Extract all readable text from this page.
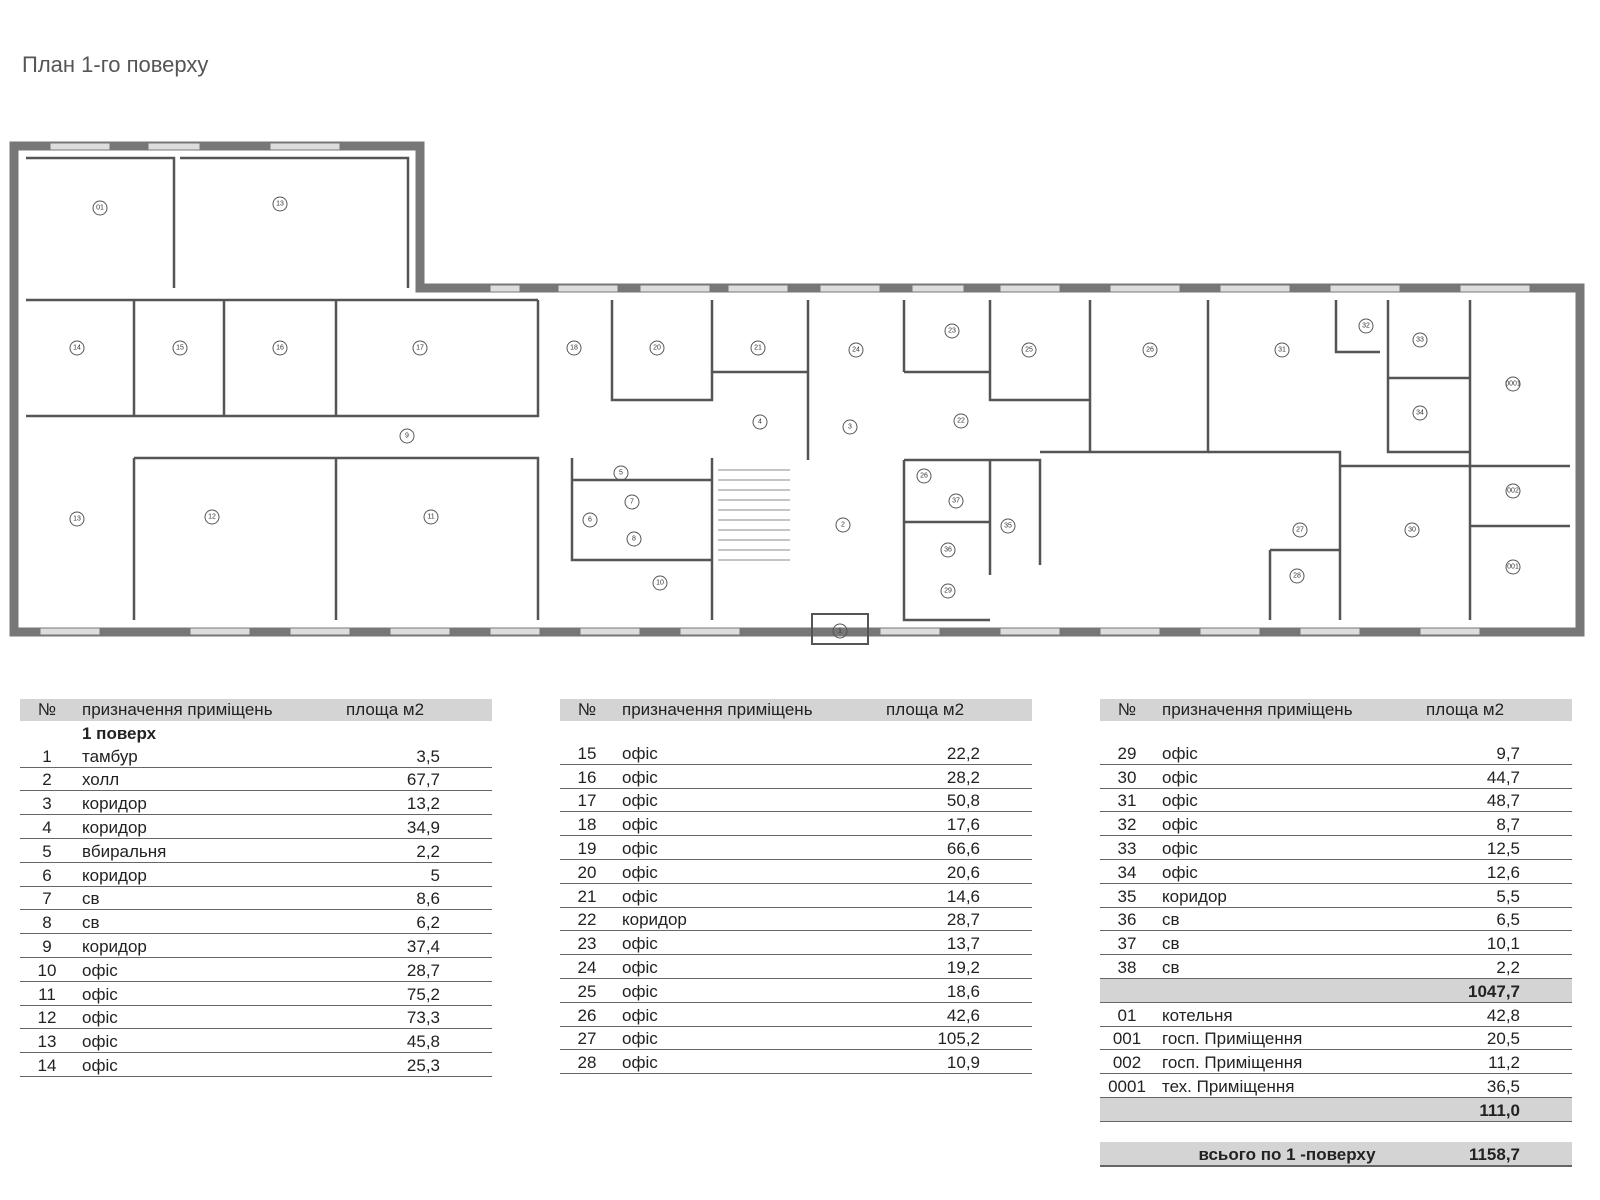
План 1-го поверху
01
13
14	15	16	17	18	20	21	24
23
25	26	31
32
33
34
0001
002
001
30
28
27
4
3
22
9
13	12	11
5
7
6
8
10
2
1
26
37
35
36
29
№	призначення приміщень	площа м2
1 поверх
1	тамбур	3,5
2	холл	67,7
3	коридор	13,2
4	коридор	34,9
5	вбиральня	2,2
6	коридор	5
7	св	8,6
8	св	6,2
9	коридор	37,4
10	офіс	28,7
11	офіс	75,2
12	офіс	73,3
13	офіс	45,8
14	офіс	25,3
№	призначення приміщень	площа м2
15	офіс	22,2
16	офіс	28,2
17	офіс	50,8
18	офіс	17,6
19	офіс	66,6
20	офіс	20,6
21	офіс	14,6
22	коридор	28,7
23	офіс	13,7
24	офіс	19,2
25	офіс	18,6
26	офіс	42,6
27	офіс	105,2
28	офіс	10,9
№	призначення приміщень	площа м2
29	офіс	9,7
30	офіс	44,7
31	офіс	48,7
32	офіс	8,7
33	офіс	12,5
34	офіс	12,6
35	коридор	5,5
36	св	6,5
37	св	10,1
38	св	2,2
1047,7
01	котельня	42,8
001	госп. Приміщення	20,5
002	госп. Приміщення	11,2
0001 тех. Приміщення	36,5
111,0
всього по 1 -поверху	1158,7
